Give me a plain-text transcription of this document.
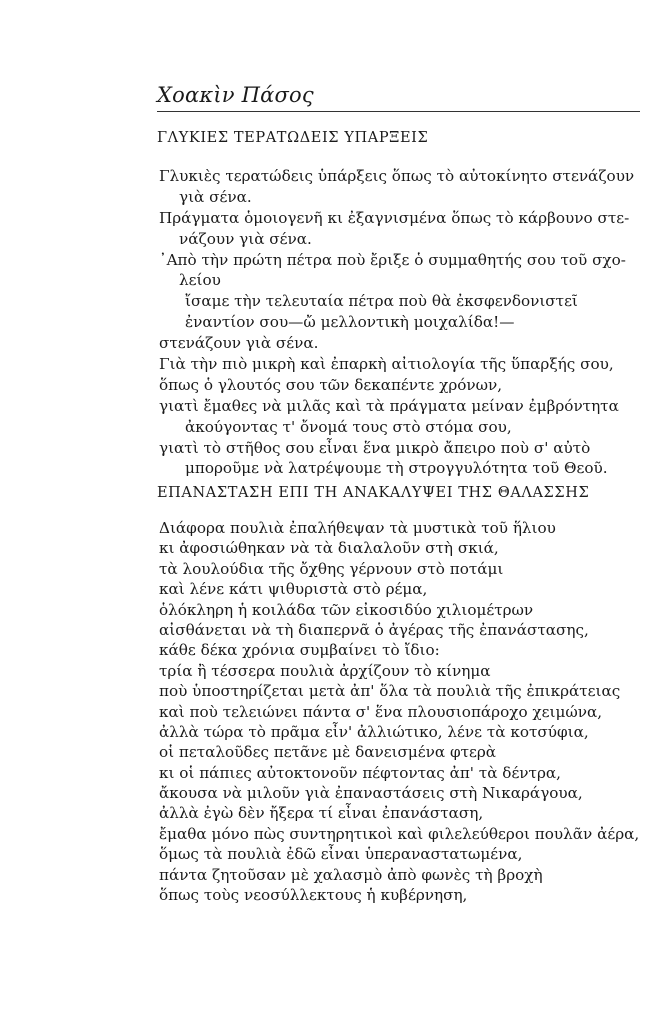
Χοακὶν Πάσος
ΓΛΥΚΙΕΣ ΤΕΡΑΤΩΔΕΙΣ ΥΠΑΡΞΕΙΣ
Γλυκιὲς τερατώδεις ὑπάρξεις ὅπως τὸ αὐτοκίνητο στενάζουν
γιὰ σένα.
Πράγματα ὁμοιογενῆ κι ἐξαγνισμένα ὅπως τὸ κάρβουνο στε-
νάζουν γιὰ σένα.
᾿Απὸ τὴν πρώτη πέτρα ποὺ ἔριξε ὁ συμμαθητής σου τοῦ σχο-
λείου
ἴσαμε τὴν τελευταία πέτρα ποὺ θὰ ἐκσφενδονιστεῖ
ἐναντίον σου—ὤ μελλοντικὴ μοιχαλίδα!—
στενάζουν γιὰ σένα.
Γιὰ τὴν πιὸ μικρὴ καὶ ἐπαρκὴ αἰτιολογία τῆς ὕπαρξής σου,
ὅπως ὁ γλουτός σου τῶν δεκαπέντε χρόνων,
γιατὶ ἔμαθες νὰ μιλᾶς καὶ τὰ πράγματα μείναν ἐμβρόντητα
ἀκούγοντας τ' ὄνομά τους στὸ στόμα σου,
γιατὶ τὸ στῆθος σου εἶναι ἕνα μικρὸ ἄπειρο ποὺ σ' αὐτὸ
μποροῦμε νὰ λατρέψουμε τὴ στρογγυλότητα τοῦ Θεοῦ.
ΕΠΑΝΑΣΤΑΣΗ ΕΠΙ ΤΗ ΑΝΑΚΑΛΥΨΕΙ ΤΗΣ ΘΑΛΑΣΣΗΣ
Διάφορα πουλιὰ ἐπαλήθεψαν τὰ μυστικὰ τοῦ ἥλιου
κι ἀφοσιώθηκαν νὰ τὰ διαλαλοῦν στὴ σκιά,
τὰ λουλούδια τῆς ὄχθης γέρνουν στὸ ποτάμι
καὶ λένε κάτι ψιθυριστὰ στὸ ρέμα,
ὁλόκληρη ἡ κοιλάδα τῶν εἰκοσιδύο χιλιομέτρων
αἰσθάνεται νὰ τὴ διαπερνᾶ ὁ ἀγέρας τῆς ἐπανάστασης,
κάθε δέκα χρόνια συμβαίνει τὸ ἴδιο:
τρία ἢ τέσσερα πουλιὰ ἀρχίζουν τὸ κίνημα
ποὺ ὑποστηρίζεται μετὰ ἀπ' ὅλα τὰ πουλιὰ τῆς ἐπικράτειας
καὶ ποὺ τελειώνει πάντα σ' ἕνα πλουσιοπάροχο χειμώνα,
ἀλλὰ τώρα τὸ πρᾶμα εἶν' ἀλλιώτικο, λένε τὰ κοτσύφια,
οἱ πεταλοῦδες πετᾶνε μὲ δανεισμένα φτερὰ
κι οἱ πάπιες αὐτοκτονοῦν πέφτοντας ἀπ' τὰ δέντρα,
ἄκουσα νὰ μιλοῦν γιὰ ἐπαναστάσεις στὴ Νικαράγουα,
ἀλλὰ ἐγὼ δὲν ἤξερα τί εἶναι ἐπανάσταση,
ἔμαθα μόνο πὼς συντηρητικοὶ καὶ φιλελεύθεροι πουλᾶν ἀέρα,
ὅμως τὰ πουλιὰ ἐδῶ εἶναι ὑπεραναστατωμένα,
πάντα ζητοῦσαν μὲ χαλασμὸ ἀπὸ φωνὲς τὴ βροχὴ
ὅπως τοὺς νεοσύλλεκτους ἡ κυβέρνηση,
